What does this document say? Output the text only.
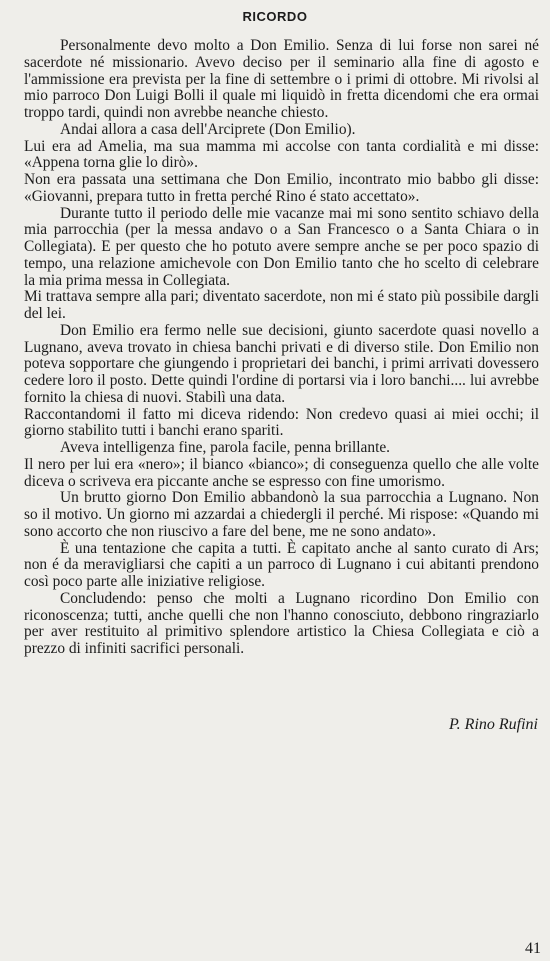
RICORDO

Personalmente devo molto a Don Emilio. Senza di lui forse non sarei né sacerdote né missionario. Avevo deciso per il seminario alla fine di agosto e l'ammissione era prevista per la fine di settembre o i primi di ottobre. Mi rivolsi al mio parroco Don Luigi Bolli il quale mi liquidò in fretta dicendomi che era ormai troppo tardi, quindi non avrebbe neanche chiesto.

Andai allora a casa dell'Arciprete (Don Emilio).

Lui era ad Amelia, ma sua mamma mi accolse con tanta cordialità e mi disse: «Appena torna glie lo dirò».

Non era passata una settimana che Don Emilio, incontrato mio babbo gli disse: «Giovanni, prepara tutto in fretta perché Rino é stato accettato».

Durante tutto il periodo delle mie vacanze mai mi sono sentito schiavo della mia parrocchia (per la messa andavo o a San Francesco o a Santa Chiara o in Collegiata). E per questo che ho potuto avere sempre anche se per poco spazio di tempo, una relazione amichevole con Don Emilio tanto che ho scelto di celebrare la mia prima messa in Collegiata.

Mi trattava sempre alla pari; diventato sacerdote, non mi é stato più possibile dargli del lei.

Don Emilio era fermo nelle sue decisioni, giunto sacerdote quasi novello a Lugnano, aveva trovato in chiesa banchi privati e di diverso stile. Don Emilio non poteva sopportare che giungendo i proprietari dei banchi, i primi arrivati dovessero cedere loro il posto. Dette quindi l'ordine di portarsi via i loro banchi.... lui avrebbe fornito la chiesa di nuovi. Stabilì una data.

Raccontandomi il fatto mi diceva ridendo: Non credevo quasi ai miei occhi; il giorno stabilito tutti i banchi erano spariti.

Aveva intelligenza fine, parola facile, penna brillante.

Il nero per lui era «nero»; il bianco «bianco»; di conseguenza quello che alle volte diceva o scriveva era piccante anche se espresso con fine umorismo.

Un brutto giorno Don Emilio abbandonò la sua parrocchia a Lugnano. Non so il motivo. Un giorno mi azzardai a chiedergli il perché. Mi rispose: «Quando mi sono accorto che non riuscivo a fare del bene, me ne sono andato».

È una tentazione che capita a tutti. È capitato anche al santo curato di Ars; non é da meravigliarsi che capiti a un parroco di Lugnano i cui abitanti prendono così poco parte alle iniziative religiose.

Concludendo: penso che molti a Lugnano ricordino Don Emilio con riconoscenza; tutti, anche quelli che non l'hanno conosciuto, debbono ringraziarlo per aver restituito al primitivo splendore artistico la Chiesa Collegiata e ciò a prezzo di infiniti sacrifici personali.

P. Rino Rufini
41
